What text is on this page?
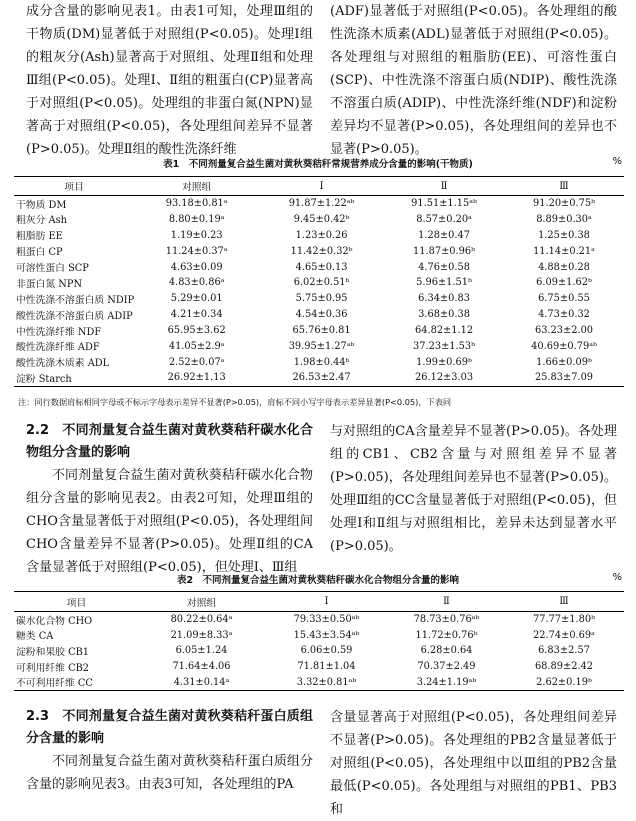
成分含量的影响见表1。由表1可知，处理Ⅲ组的干物质(DM)显著低于对照组(P<0.05)。处理Ⅰ组的粗灰分(Ash)显著高于对照组、处理Ⅱ组和处理Ⅲ组(P<0.05)。处理Ⅰ、Ⅱ组的粗蛋白(CP)显著高于对照组(P<0.05)。处理组的非蛋白氮(NPN)显著高于对照组(P<0.05)，各处理组间差异不显著(P>0.05)。处理Ⅱ组的酸性洗涤纤维

(ADF)显著低于对照组(P<0.05)。各处理组的酸性洗涤木质素(ADL)显著低于对照组(P<0.05)。各处理组与对照组的粗脂肪(EE)、可溶性蛋白(SCP)、中性洗涤不溶蛋白质(NDIP)、酸性洗涤不溶蛋白质(ADIP)、中性洗涤纤维(NDF)和淀粉差异均不显著(P>0.05)，各处理组间的差异也不显著(P>0.05)。

表1　不同剂量复合益生菌对黄秋葵秸秆常规营养成分含量的影响(干物质)	%
项目	对照组	Ⅰ	Ⅱ	Ⅲ
干物质 DM	93.18±0.81ᵃ	91.87±1.22ᵃᵇ	91.51±1.15ᵃᵇ	91.20±0.75ᵇ
粗灰分 Ash	8.80±0.19ᵃ	9.45±0.42ᵇ	8.57±0.20ᵃ	8.89±0.30ᵃ
粗脂肪 EE	1.19±0.23	1.23±0.26	1.28±0.47	1.25±0.38
粗蛋白 CP	11.24±0.37ᵃ	11.42±0.32ᵇ	11.87±0.96ᵇ	11.14±0.21ᵃ
可溶性蛋白 SCP	4.63±0.09	4.65±0.13	4.76±0.58	4.88±0.28
非蛋白氮 NPN	4.83±0.86ᵃ	6.02±0.51ᵇ	5.96±1.51ᵇ	6.09±1.62ᵇ
中性洗涤不溶蛋白质 NDIP	5.29±0.01	5.75±0.95	6.34±0.83	6.75±0.55
酸性洗涤不溶蛋白质 ADIP	4.21±0.34	4.54±0.36	3.68±0.38	4.73±0.32
中性洗涤纤维 NDF	65.95±3.62	65.76±0.81	64.82±1.12	63.23±2.00
酸性洗涤纤维 ADF	41.05±2.9ᵃ	39.95±1.27ᵃᵇ	37.23±1.53ᵇ	40.69±0.79ᵃᵇ
酸性洗涤木质素 ADL	2.52±0.07ᵃ	1.98±0.44ᵇ	1.99±0.69ᵇ	1.66±0.09ᵇ
淀粉 Starch	26.92±1.13	26.53±2.47	26.12±3.03	25.83±7.09
注：同行数据肩标相同字母或不标示字母表示差异不显著(P>0.05)，肩标不同小写字母表示差异显著(P<0.05)，下表同

2.2　不同剂量复合益生菌对黄秋葵秸秆碳水化合物组分含量的影响

不同剂量复合益生菌对黄秋葵秸秆碳水化合物组分含量的影响见表2。由表2可知，处理Ⅲ组的CHO含量显著低于对照组(P<0.05)，各处理组间CHO含量差异不显著(P>0.05)。处理Ⅱ组的CA含量显著低于对照组(P<0.05)，但处理Ⅰ、Ⅲ组

与对照组的CA含量差异不显著(P>0.05)。各处理组的CB1、CB2含量与对照组差异不显著(P>0.05)，各处理组间差异也不显著(P>0.05)。处理Ⅲ组的CC含量显著低于对照组(P<0.05)，但处理Ⅰ和Ⅱ组与对照组相比，差异未达到显著水平(P>0.05)。

表2　不同剂量复合益生菌对黄秋葵秸秆碳水化合物组分含量的影响	%
项目	对照组	Ⅰ	Ⅱ	Ⅲ
碳水化合物 CHO	80.22±0.64ᵃ	79.33±0.50ᵃᵇ	78.73±0.76ᵃᵇ	77.77±1.80ᵇ
糖类 CA	21.09±8.33ᵃ	15.43±3.54ᵃᵇ	11.72±0.76ᵇ	22.74±0.69ᵃ
淀粉和果胶 CB1	6.05±1.24	6.06±0.59	6.28±0.64	6.83±2.57
可利用纤维 CB2	71.64±4.06	71.81±1.04	70.37±2.49	68.89±2.42
不可利用纤维 CC	4.31±0.14ᵃ	3.32±0.81ᵃᵇ	3.24±1.19ᵃᵇ	2.62±0.19ᵇ

2.3　不同剂量复合益生菌对黄秋葵秸秆蛋白质组分含量的影响

不同剂量复合益生菌对黄秋葵秸秆蛋白质组分含量的影响见表3。由表3可知，各处理组的PA

含量显著高于对照组(P<0.05)，各处理组间差异不显著(P>0.05)。各处理组的PB2含量显著低于对照组(P<0.05)，各处理组中以Ⅲ组的PB2含量最低(P<0.05)。各处理组与对照组的PB1、PB3和
